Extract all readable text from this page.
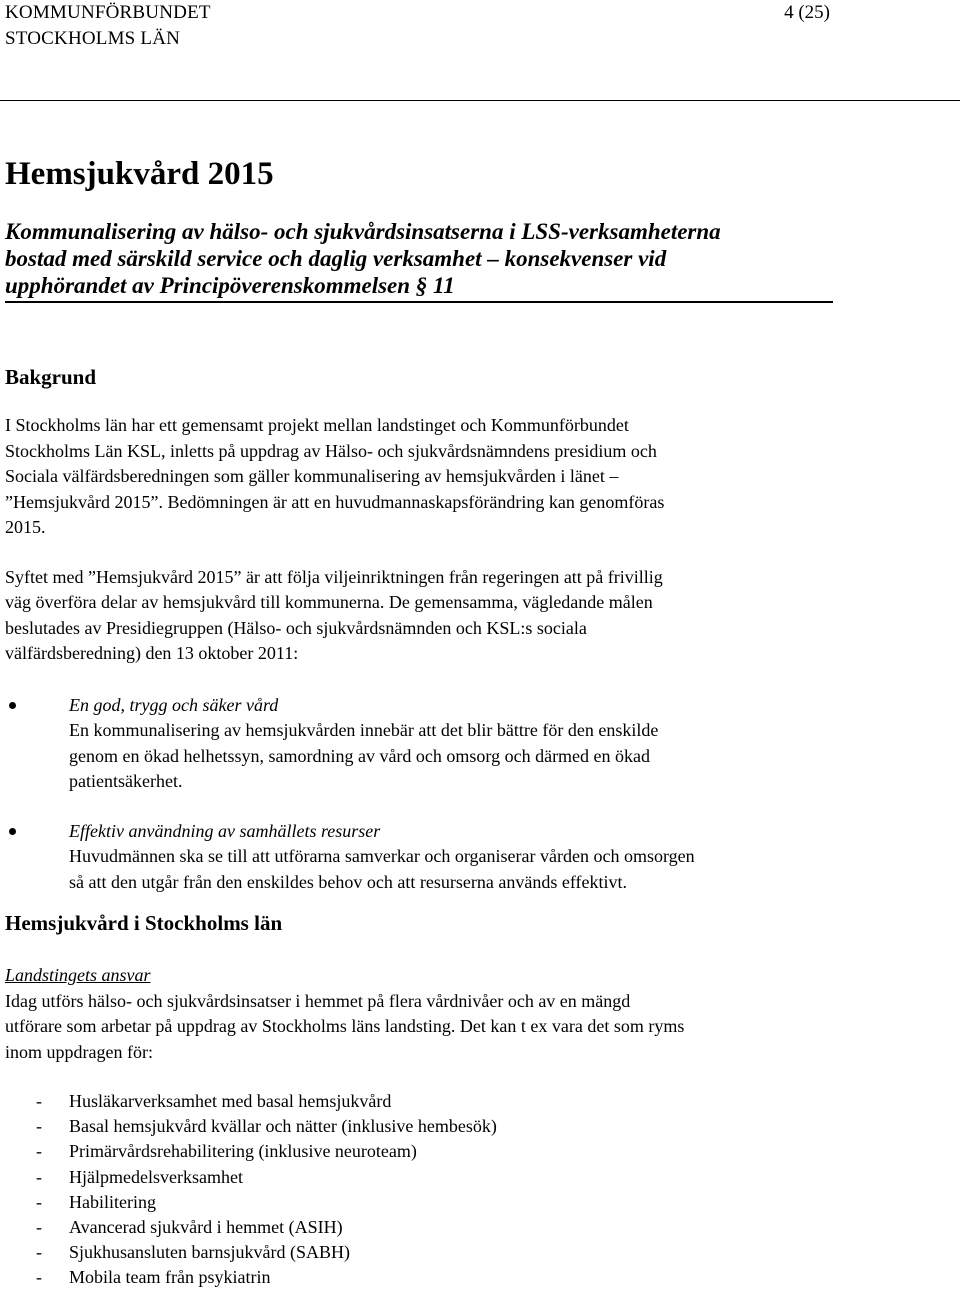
KOMMUNFÖRBUNDET
STOCKHOLMS LÄN
4 (25)
Hemsjukvård 2015
Kommunalisering av hälso- och sjukvårdsinsatserna i LSS-verksamheterna
bostad med särskild service och daglig verksamhet – konsekvenser vid
upphörandet av Principöverenskommelsen § 11
Bakgrund
I Stockholms län har ett gemensamt projekt mellan landstinget och Kommunförbundet
Stockholms Län KSL, inletts på uppdrag av Hälso- och sjukvårdsnämndens presidium och
Sociala välfärdsberedningen som gäller kommunalisering av hemsjukvården i länet –
”Hemsjukvård 2015”. Bedömningen är att en huvudmannaskapsförändring kan genomföras
2015.
Syftet med ”Hemsjukvård 2015” är att följa viljeinriktningen från regeringen att på frivillig
väg överföra delar av hemsjukvård till kommunerna. De gemensamma, vägledande målen
beslutades av Presidiegruppen (Hälso- och sjukvårdsnämnden och KSL:s sociala
välfärdsberedning) den 13 oktober 2011:
En god, trygg och säker vård
En kommunalisering av hemsjukvården innebär att det blir bättre för den enskilde
genom en ökad helhetssyn, samordning av vård och omsorg och därmed en ökad
patientsäkerhet.
Effektiv användning av samhällets resurser
Huvudmännen ska se till att utförarna samverkar och organiserar vården och omsorgen
så att den utgår från den enskildes behov och att resurserna används effektivt.
Hemsjukvård i Stockholms län
Landstingets ansvar
Idag utförs hälso- och sjukvårdsinsatser i hemmet på flera vårdnivåer och av en mängd
utförare som arbetar på uppdrag av Stockholms läns landsting. Det kan t ex vara det som ryms
inom uppdragen för:
- Husläkarverksamhet med basal hemsjukvård
- Basal hemsjukvård kvällar och nätter (inklusive hembesök)
- Primärvårdsrehabilitering (inklusive neuroteam)
- Hjälpmedelsverksamhet
- Habilitering
- Avancerad sjukvård i hemmet (ASIH)
- Sjukhusansluten barnsjukvård (SABH)
- Mobila team från psykiatrin
